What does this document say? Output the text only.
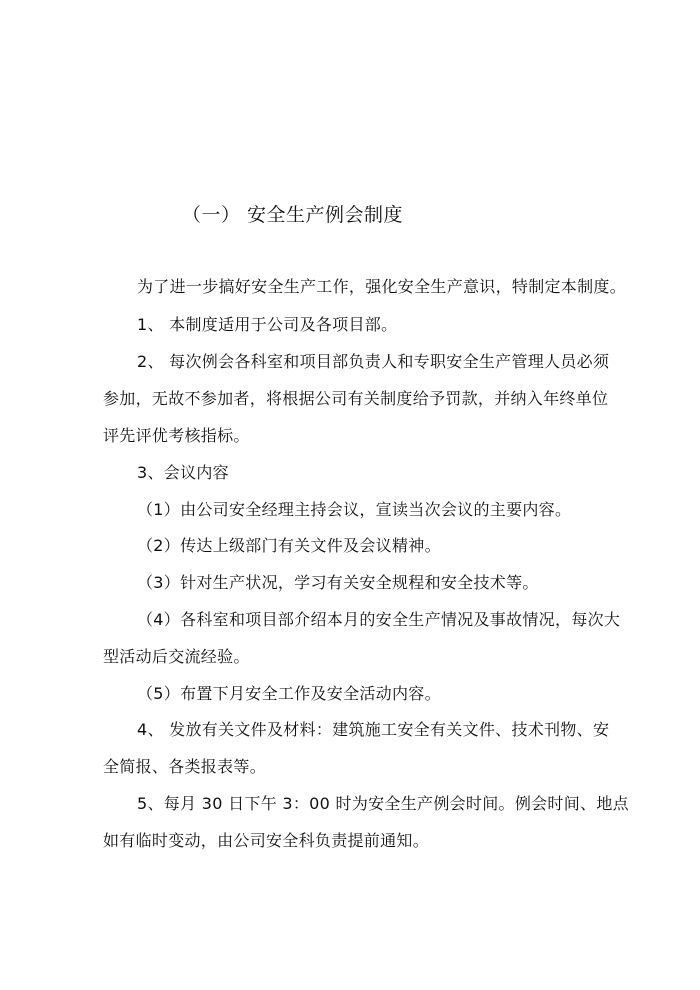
（一） 安全生产例会制度
为了进一步搞好安全生产工作，强化安全生产意识，特制定本制度。
1、 本制度适用于公司及各项目部。
2、 每次例会各科室和项目部负责人和专职安全生产管理人员必须
参加，无故不参加者，将根据公司有关制度给予罚款，并纳入年终单位
评先评优考核指标。
3、会议内容
（1）由公司安全经理主持会议，宣读当次会议的主要内容。
（2）传达上级部门有关文件及会议精神。
（3）针对生产状况，学习有关安全规程和安全技术等。
（4）各科室和项目部介绍本月的安全生产情况及事故情况，每次大
型活动后交流经验。
（5）布置下月安全工作及安全活动内容。
4、 发放有关文件及材料：建筑施工安全有关文件、技术刊物、安
全简报、各类报表等。
5、每月 30 日下午 3：00 时为安全生产例会时间。例会时间、地点
如有临时变动，由公司安全科负责提前通知。
